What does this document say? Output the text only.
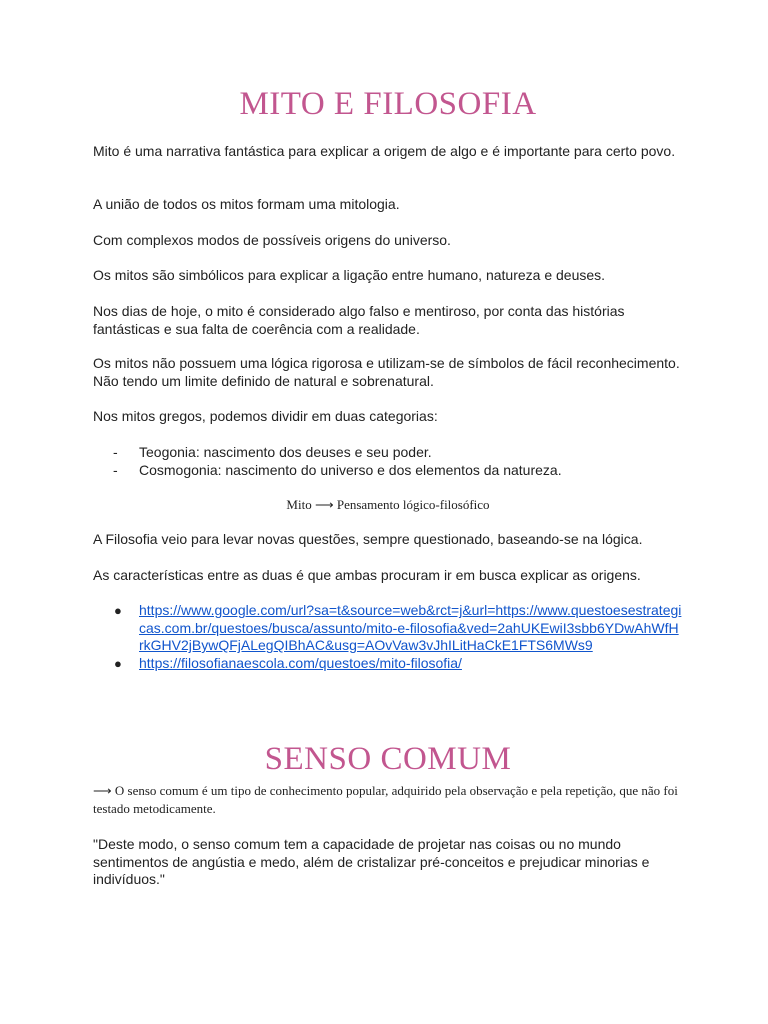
MITO E FILOSOFIA

Mito é uma narrativa fantástica para explicar a origem de algo e é importante para certo povo.

A união de todos os mitos formam uma mitologia.

Com complexos modos de possíveis origens do universo.

Os mitos são simbólicos para explicar a ligação entre humano, natureza e deuses.

Nos dias de hoje, o mito é considerado algo falso e mentiroso, por conta das histórias fantásticas e sua falta de coerência com a realidade.

Os mitos não possuem uma lógica rigorosa e utilizam-se de símbolos de fácil reconhecimento. Não tendo um limite definido de natural e sobrenatural.

Nos mitos gregos, podemos dividir em duas categorias:

- Teogonia: nascimento dos deuses e seu poder.
- Cosmogonia: nascimento do universo e dos elementos da natureza.

Mito ⟶ Pensamento lógico-filosófico

A Filosofia veio para levar novas questões, sempre questionado, baseando-se na lógica.

As características entre as duas é que ambas procuram ir em busca explicar as origens.

● https://www.google.com/url?sa=t&source=web&rct=j&url=https://www.questoesestrategicas.com.br/questoes/busca/assunto/mito-e-filosofia&ved=2ahUKEwiI3sbb6YDwAhWfHrkGHV2jBywQFjALegQIBhAC&usg=AOvVaw3vJhILitHaCkE1FTS6MWs9
● https://filosofianaescola.com/questoes/mito-filosofia/
SENSO COMUM

⟶ O senso comum é um tipo de conhecimento popular, adquirido pela observação e pela repetição, que não foi testado metodicamente.

"Deste modo, o senso comum tem a capacidade de projetar nas coisas ou no mundo sentimentos de angústia e medo, além de cristalizar pré-conceitos e prejudicar minorias e indivíduos."
